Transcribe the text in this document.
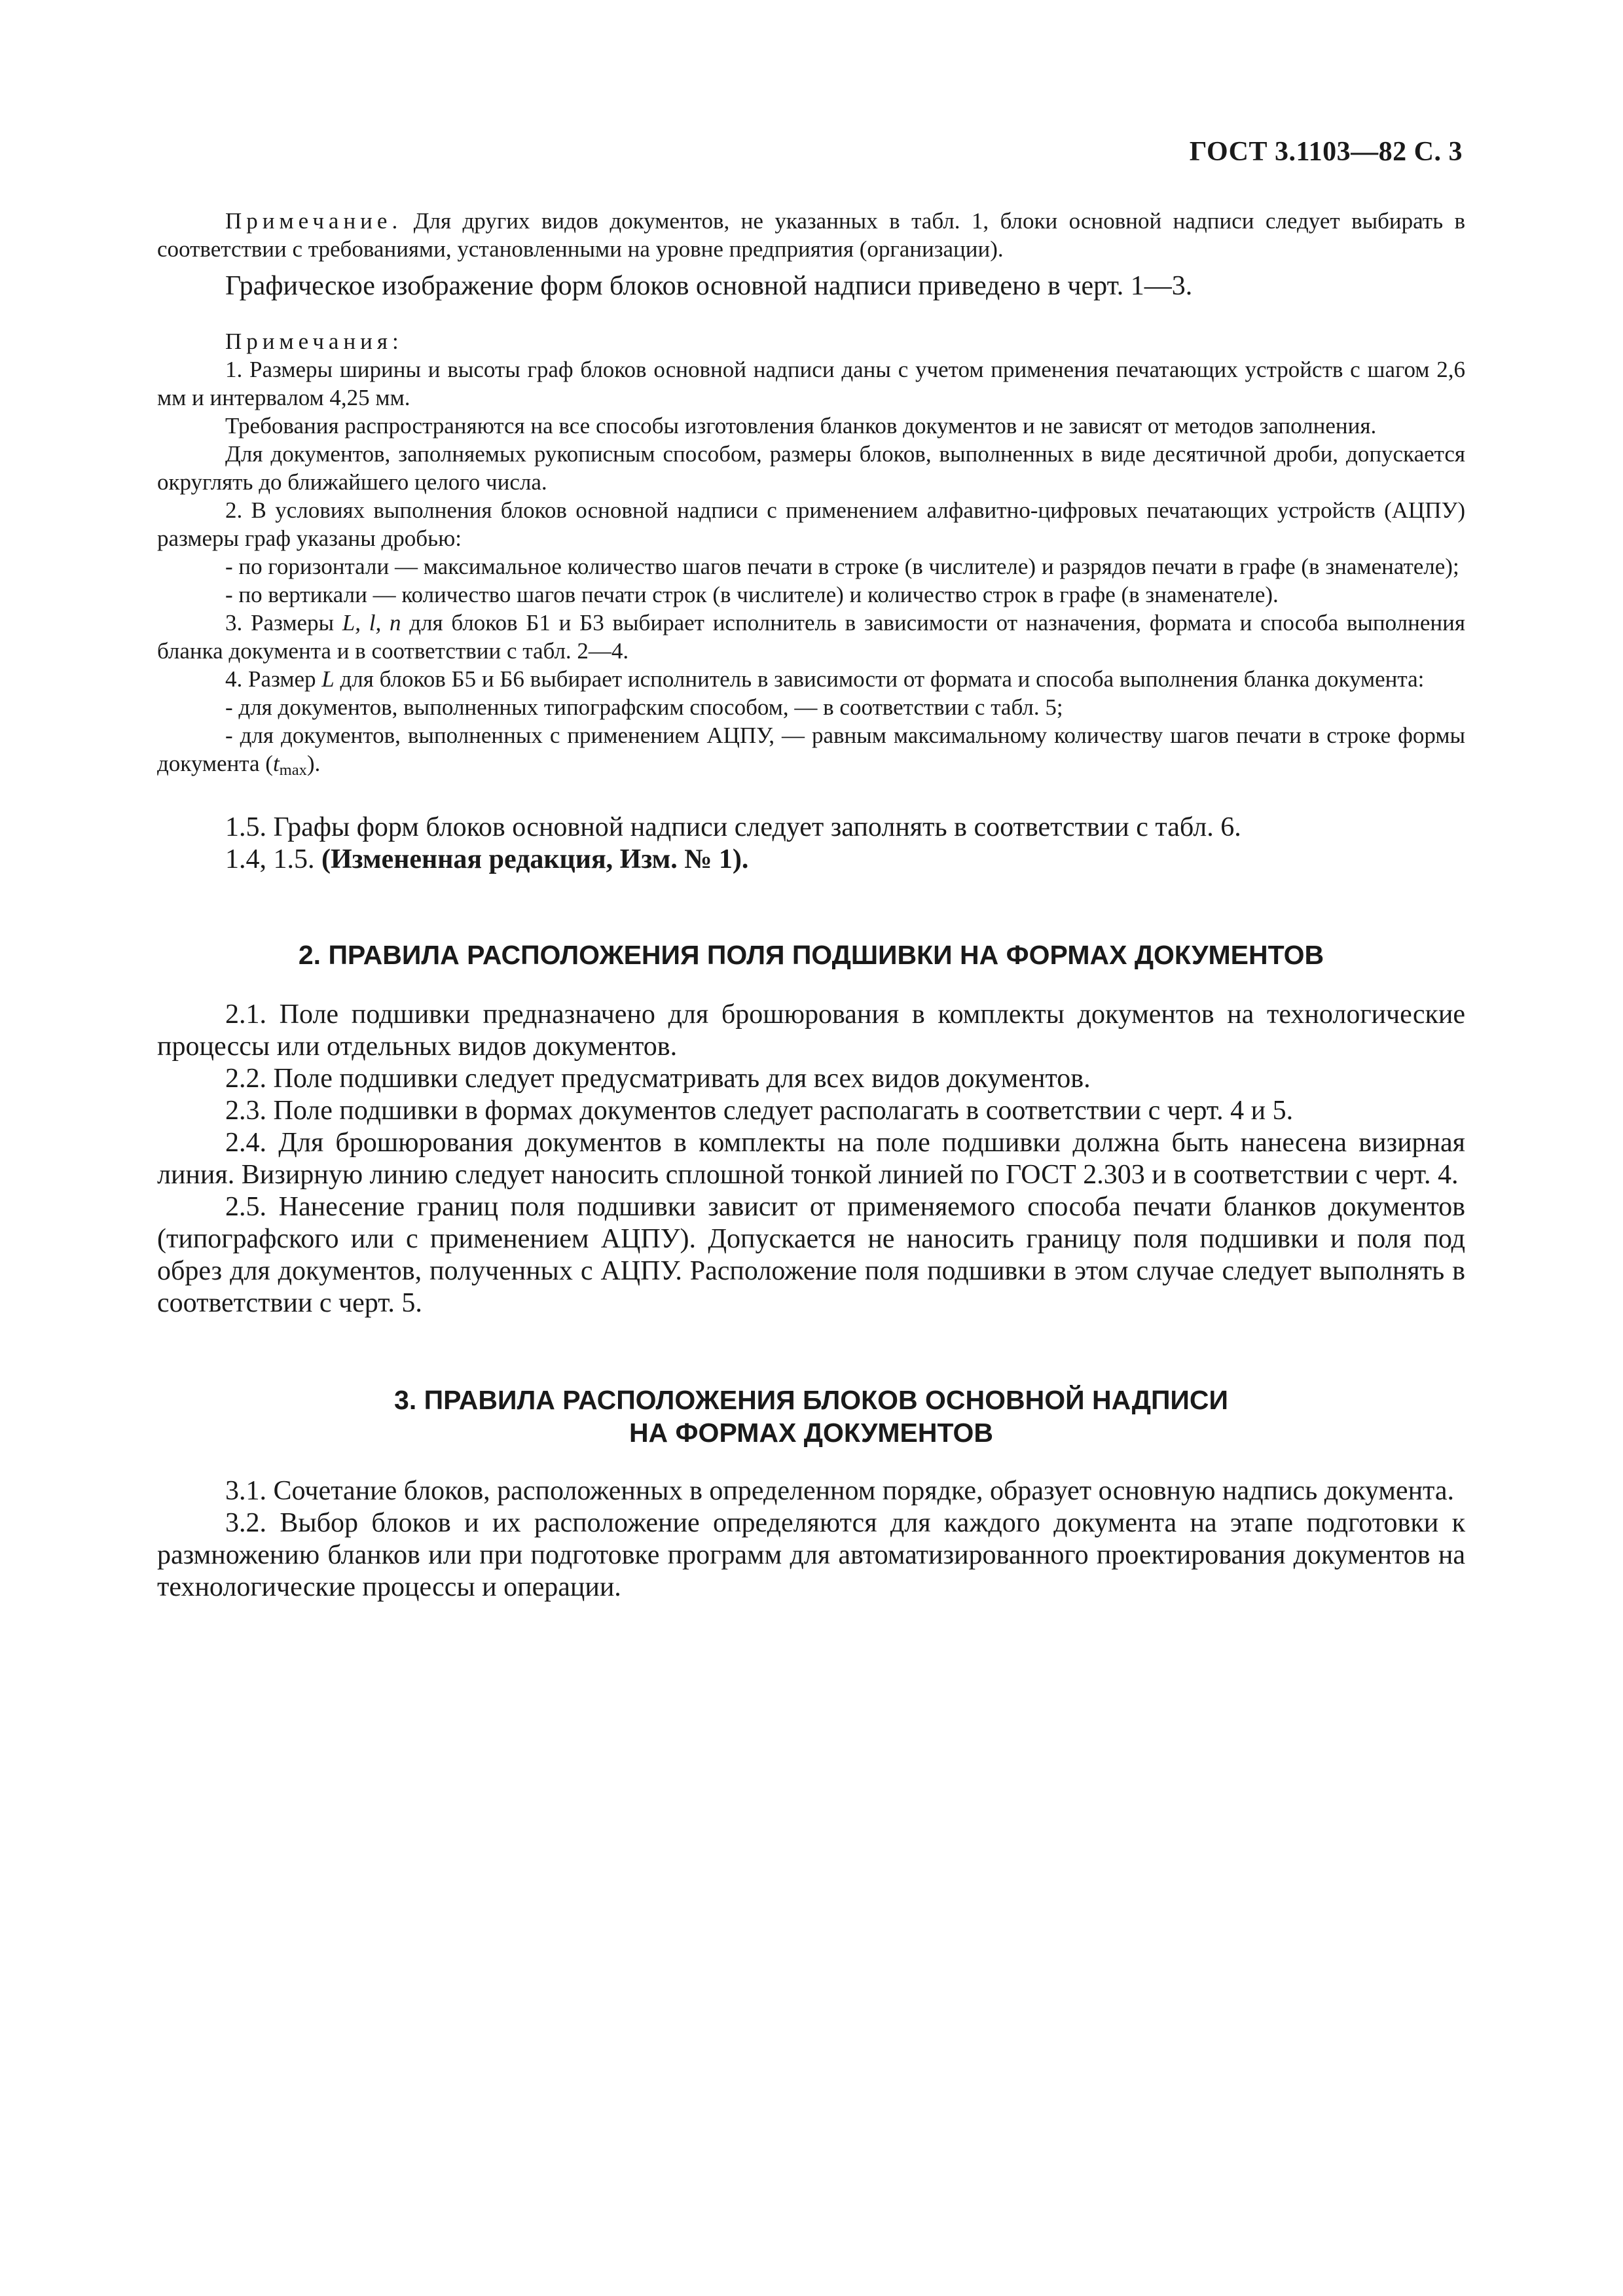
ГОСТ 3.1103—82 С. 3

Примечание. Для других видов документов, не указанных в табл. 1, блоки основной надписи следует выбирать в соответствии с требованиями, установленными на уровне предприятия (организации).

Графическое изображение форм блоков основной надписи приведено в черт. 1—3.

Примечания:

1. Размеры ширины и высоты граф блоков основной надписи даны с учетом применения печатающих устройств с шагом 2,6 мм и интервалом 4,25 мм.

Требования распространяются на все способы изготовления бланков документов и не зависят от методов заполнения.

Для документов, заполняемых рукописным способом, размеры блоков, выполненных в виде десятичной дроби, допускается округлять до ближайшего целого числа.

2. В условиях выполнения блоков основной надписи с применением алфавитно-цифровых печатающих устройств (АЦПУ) размеры граф указаны дробью:

- по горизонтали — максимальное количество шагов печати в строке (в числителе) и разрядов печати в графе (в знаменателе);

- по вертикали — количество шагов печати строк (в числителе) и количество строк в графе (в знаменателе).

3. Размеры L, l, n для блоков Б1 и Б3 выбирает исполнитель в зависимости от назначения, формата и способа выполнения бланка документа и в соответствии с табл. 2—4.

4. Размер L для блоков Б5 и Б6 выбирает исполнитель в зависимости от формата и способа выполнения бланка документа:

- для документов, выполненных типографским способом, — в соответствии с табл. 5;

- для документов, выполненных с применением АЦПУ, — равным максимальному количеству шагов печати в строке формы документа $(t_{max})$.

1.5. Графы форм блоков основной надписи следует заполнять в соответствии с табл. 6.

1.4, 1.5. (Измененная редакция, Изм. № 1).

2. ПРАВИЛА РАСПОЛОЖЕНИЯ ПОЛЯ ПОДШИВКИ НА ФОРМАХ ДОКУМЕНТОВ

2.1. Поле подшивки предназначено для брошюрования в комплекты документов на технологические процессы или отдельных видов документов.

2.2. Поле подшивки следует предусматривать для всех видов документов.

2.3. Поле подшивки в формах документов следует располагать в соответствии с черт. 4 и 5.

2.4. Для брошюрования документов в комплекты на поле подшивки должна быть нанесена визирная линия. Визирную линию следует наносить сплошной тонкой линией по ГОСТ 2.303 и в соответствии с черт. 4.

2.5. Нанесение границ поля подшивки зависит от применяемого способа печати бланков документов (типографского или с применением АЦПУ). Допускается не наносить границу поля подшивки и поля под обрез для документов, полученных с АЦПУ. Расположение поля подшивки в этом случае следует выполнять в соответствии с черт. 5.

3. ПРАВИЛА РАСПОЛОЖЕНИЯ БЛОКОВ ОСНОВНОЙ НАДПИСИ
НА ФОРМАХ ДОКУМЕНТОВ

3.1. Сочетание блоков, расположенных в определенном порядке, образует основную надпись документа.

3.2. Выбор блоков и их расположение определяются для каждого документа на этапе подготовки к размножению бланков или при подготовке программ для автоматизированного проектирования документов на технологические процессы и операции.
